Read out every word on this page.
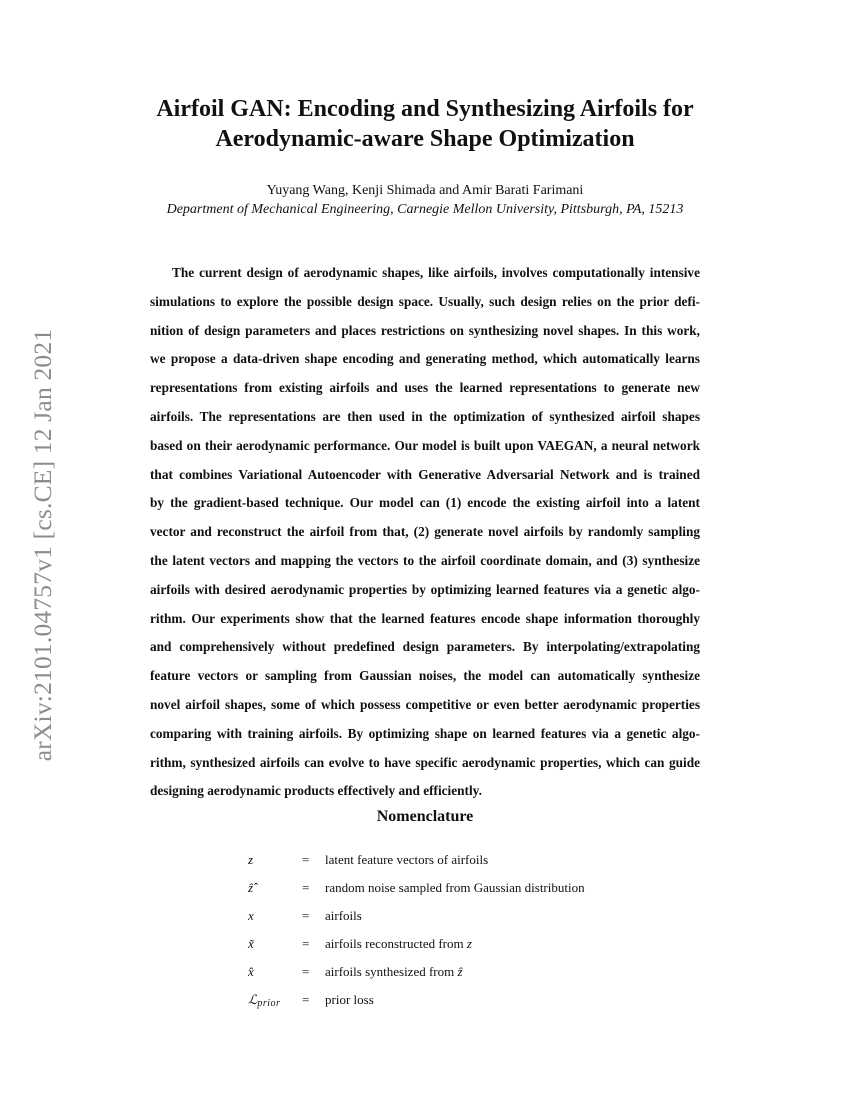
arXiv:2101.04757v1 [cs.CE] 12 Jan 2021
Airfoil GAN: Encoding and Synthesizing Airfoils for
Aerodynamic-aware Shape Optimization
Yuyang Wang, Kenji Shimada and Amir Barati Farimani
Department of Mechanical Engineering, Carnegie Mellon University, Pittsburgh, PA, 15213
The current design of aerodynamic shapes, like airfoils, involves computationally intensive
simulations to explore the possible design space. Usually, such design relies on the prior defi-
nition of design parameters and places restrictions on synthesizing novel shapes. In this work,
we propose a data-driven shape encoding and generating method, which automatically learns
representations from existing airfoils and uses the learned representations to generate new
airfoils. The representations are then used in the optimization of synthesized airfoil shapes
based on their aerodynamic performance. Our model is built upon VAEGAN, a neural network
that combines Variational Autoencoder with Generative Adversarial Network and is trained
by the gradient-based technique. Our model can (1) encode the existing airfoil into a latent
vector and reconstruct the airfoil from that, (2) generate novel airfoils by randomly sampling
the latent vectors and mapping the vectors to the airfoil coordinate domain, and (3) synthesize
airfoils with desired aerodynamic properties by optimizing learned features via a genetic algo-
rithm. Our experiments show that the learned features encode shape information thoroughly
and comprehensively without predefined design parameters. By interpolating/extrapolating
feature vectors or sampling from Gaussian noises, the model can automatically synthesize
novel airfoil shapes, some of which possess competitive or even better aerodynamic properties
comparing with training airfoils. By optimizing shape on learned features via a genetic algo-
rithm, synthesized airfoils can evolve to have specific aerodynamic properties, which can guide
designing aerodynamic products effectively and efficiently.
Nomenclature
z	= latent feature vectors of airfoils
ẑ̂	= random noise sampled from Gaussian distribution
x	= airfoils
x̃	= airfoils reconstructed from z
x̂	= airfoils synthesized from ẑ
ℒ$_{prior}$ = prior loss
